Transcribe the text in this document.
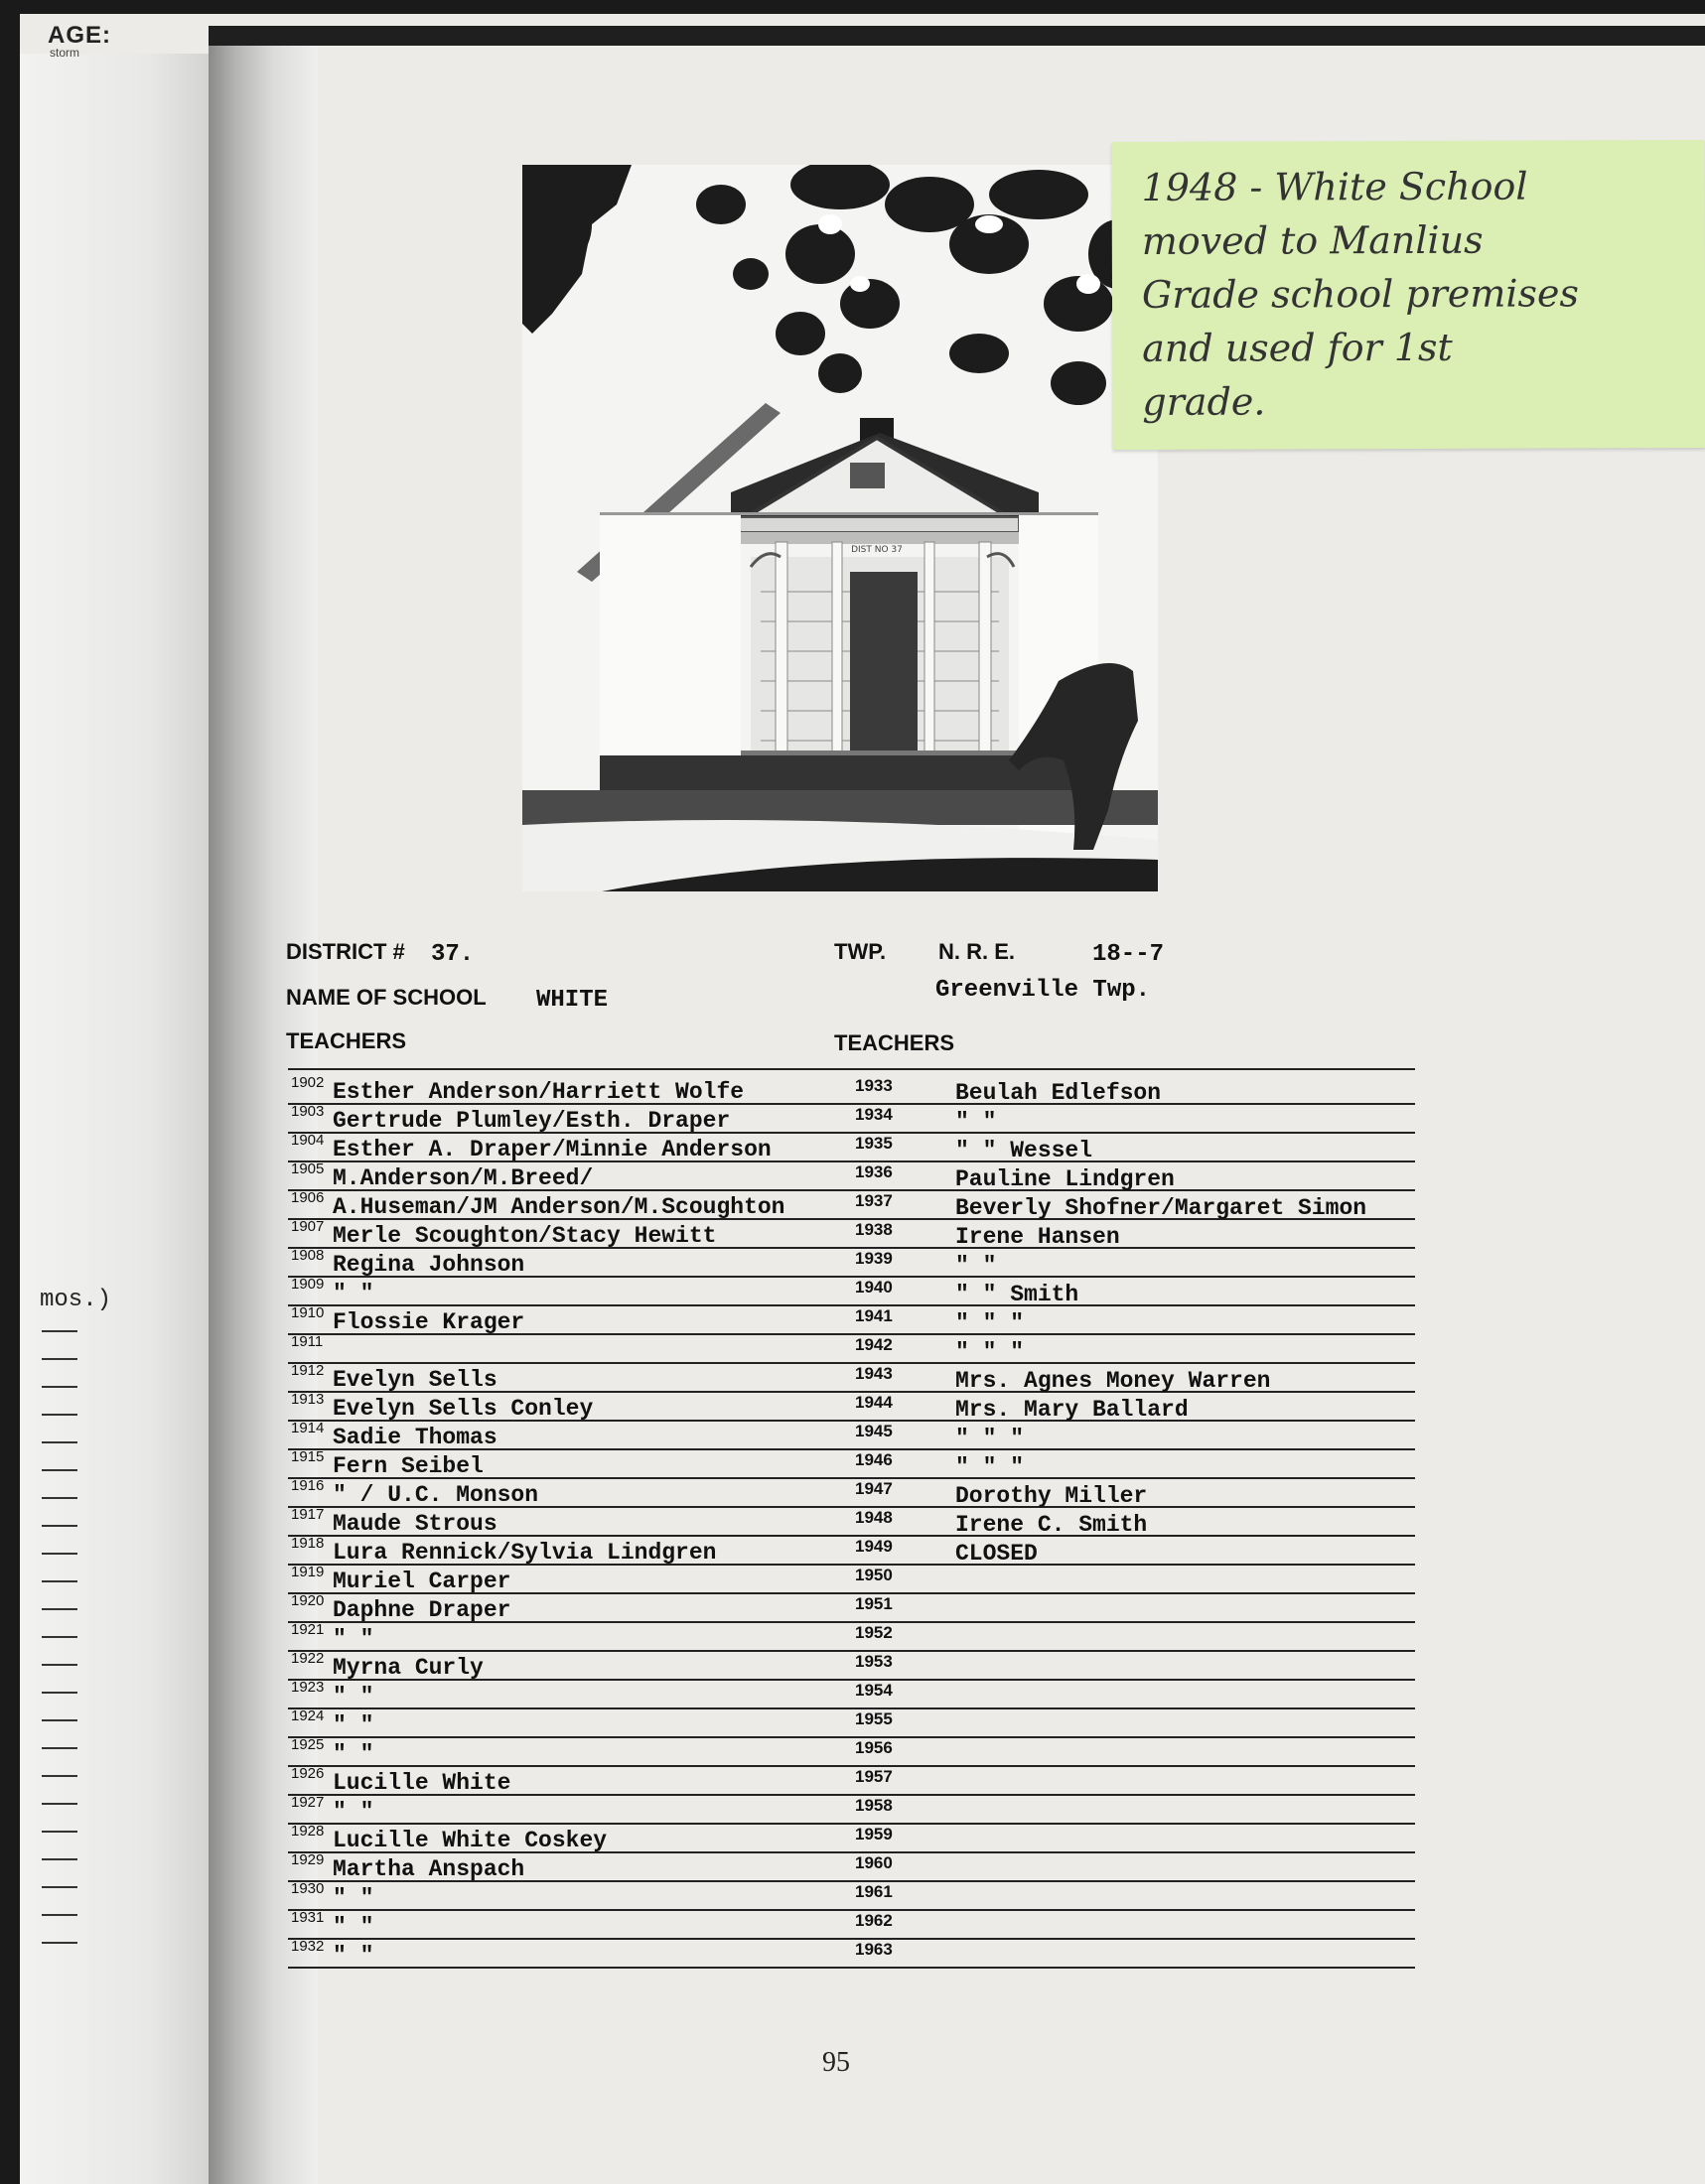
AGE:
storm
mos.)
DIST NO 37
1948 - White School
moved to Manlius
Grade school premises
and used for 1st
grade.
DISTRICT # 37.
NAME OF SCHOOL WHITE
TEACHERS
TWP. N. R. E.	18--7
Greenville Twp.
TEACHERS
1902 Esther Anderson/Harriett Wolfe	1933	Beulah Edlefson
1903 Gertrude Plumley/Esth. Draper	1934	" "
1904 Esther A. Draper/Minnie Anderson	1935	" " Wessel
1905 M.Anderson/M.Breed/	1936	Pauline Lindgren
1906 A.Huseman/JM Anderson/M.Scoughton	1937	Beverly Shofner/Margaret Simon
1907 Merle Scoughton/Stacy Hewitt	1938	Irene Hansen
1908 Regina Johnson	1939	" "
1909 " "	1940	" " Smith
1910 Flossie Krager	1941	" " "
1911	1942	" " "
1912 Evelyn Sells	1943	Mrs. Agnes Money Warren
1913 Evelyn Sells Conley	1944	Mrs. Mary Ballard
1914 Sadie Thomas	1945	" " "
1915 Fern Seibel	1946	" " "
1916 " / U.C. Monson	1947	Dorothy Miller
1917 Maude Strous	1948	Irene C. Smith
1918 Lura Rennick/Sylvia Lindgren	1949	CLOSED
1919 Muriel Carper	1950
1920 Daphne Draper	1951
1921 " "	1952
1922 Myrna Curly	1953
1923 " "	1954
1924 " "	1955
1925 " "	1956
1926 Lucille White	1957
1927 " "	1958
1928 Lucille White Coskey	1959
1929 Martha Anspach	1960
1930 " "	1961
1931 " "	1962
1932 " "	1963
95
